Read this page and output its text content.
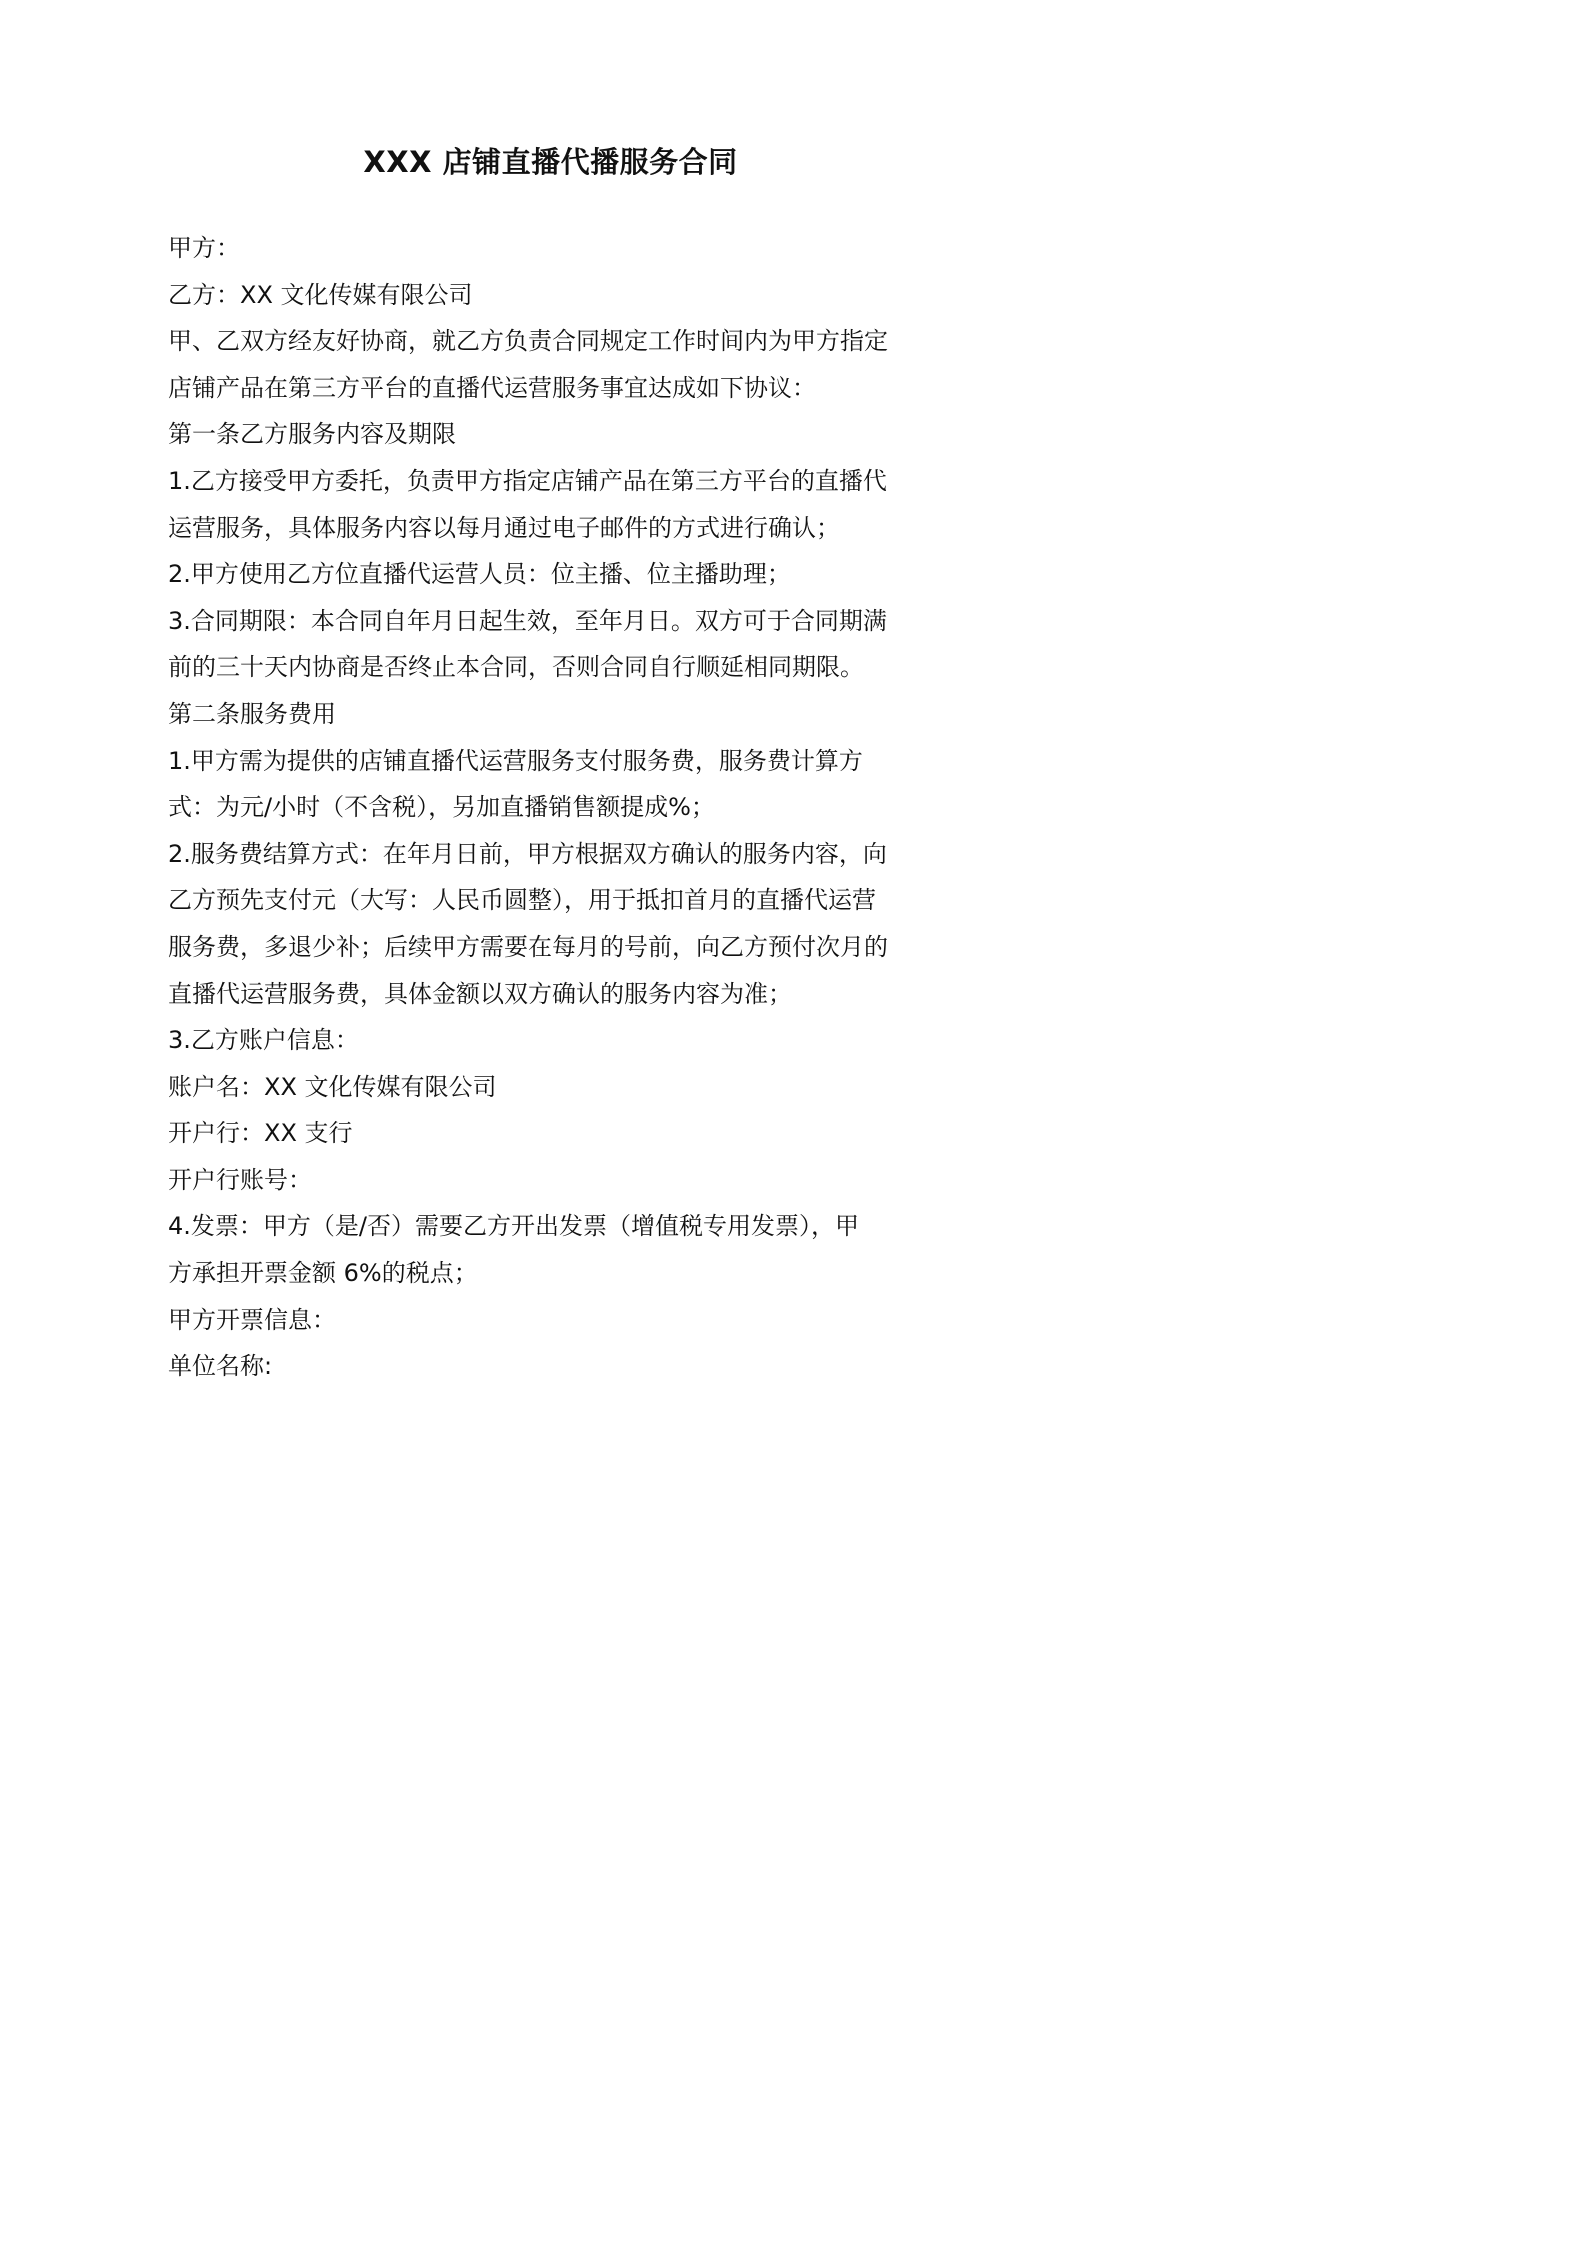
XXX 店铺直播代播服务合同

甲方：

乙方：XX 文化传媒有限公司

甲、乙双方经友好协商，就乙方负责合同规定工作时间内为甲方指定

店铺产品在第三方平台的直播代运营服务事宜达成如下协议：

第一条乙方服务内容及期限

1.乙方接受甲方委托，负责甲方指定店铺产品在第三方平台的直播代

运营服务，具体服务内容以每月通过电子邮件的方式进行确认；

2.甲方使用乙方位直播代运营人员：位主播、位主播助理；

3.合同期限：本合同自年月日起生效，至年月日。双方可于合同期满

前的三十天内协商是否终止本合同，否则合同自行顺延相同期限。

第二条服务费用

1.甲方需为提供的店铺直播代运营服务支付服务费，服务费计算方

式：为元/小时（不含税），另加直播销售额提成%；

2.服务费结算方式：在年月日前，甲方根据双方确认的服务内容，向

乙方预先支付元（大写：人民币圆整），用于抵扣首月的直播代运营

服务费，多退少补；后续甲方需要在每月的号前，向乙方预付次月的

直播代运营服务费，具体金额以双方确认的服务内容为准；

3.乙方账户信息：

账户名：XX 文化传媒有限公司

开户行：XX 支行

开户行账号：

4.发票：甲方（是/否）需要乙方开出发票（增值税专用发票），甲

方承担开票金额 6%的税点；

甲方开票信息：

单位名称:
